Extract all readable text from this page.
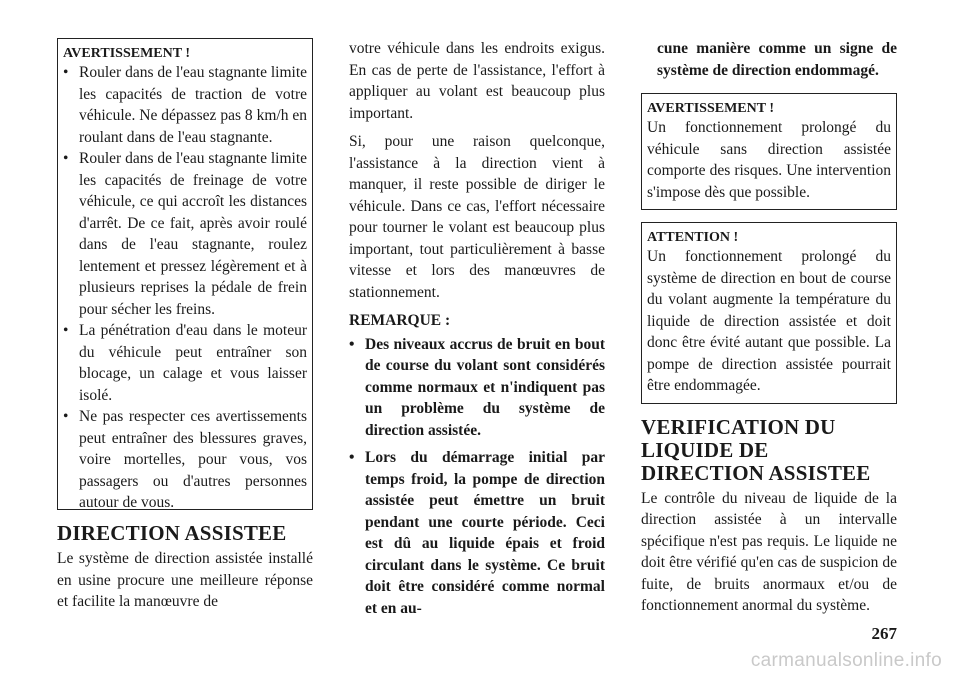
AVERTISSEMENT !
• Rouler dans de l'eau stagnante limite les capacités de traction de votre véhicule. Ne dépassez pas 8 km/h en roulant dans de l'eau stagnante.
• Rouler dans de l'eau stagnante limite les capacités de freinage de votre véhicule, ce qui accroît les distances d'arrêt. De ce fait, après avoir roulé dans de l'eau stagnante, roulez lentement et pressez légèrement et à plusieurs reprises la pédale de frein pour sécher les freins.
• La pénétration d'eau dans le moteur du véhicule peut entraîner son blocage, un calage et vous laisser isolé.
• Ne pas respecter ces avertissements peut entraîner des blessures graves, voire mortelles, pour vous, vos passagers ou d'autres personnes autour de vous.
DIRECTION ASSISTEE

Le système de direction assistée installé en usine procure une meilleure réponse et facilite la manœuvre de

votre véhicule dans les endroits exigus. En cas de perte de l'assistance, l'effort à appliquer au volant est beaucoup plus important.

Si, pour une raison quelconque, l'assistance à la direction vient à manquer, il reste possible de diriger le véhicule. Dans ce cas, l'effort nécessaire pour tourner le volant est beaucoup plus important, tout particulièrement à basse vitesse et lors des manœuvres de stationnement.

REMARQUE :

• Des niveaux accrus de bruit en bout de course du volant sont considérés comme normaux et n'indiquent pas un problème du système de direction assistée.
• Lors du démarrage initial par temps froid, la pompe de direction assistée peut émettre un bruit pendant une courte période. Ceci est dû au liquide épais et froid circulant dans le système. Ce bruit doit être considéré comme normal et en au-

cune manière comme un signe de système de direction endommagé.

AVERTISSEMENT !

Un fonctionnement prolongé du véhicule sans direction assistée comporte des risques. Une intervention s'impose dès que possible.

ATTENTION !

Un fonctionnement prolongé du système de direction en bout de course du volant augmente la température du liquide de direction assistée et doit donc être évité autant que possible. La pompe de direction assistée pourrait être endommagée.

VERIFICATION DU LIQUIDE DE DIRECTION ASSISTEE

Le contrôle du niveau de liquide de la direction assistée à un intervalle spécifique n'est pas requis. Le liquide ne doit être vérifié qu'en cas de suspicion de fuite, de bruits anormaux et/ou de fonctionnement anormal du système.

267
carmanualsonline.info
